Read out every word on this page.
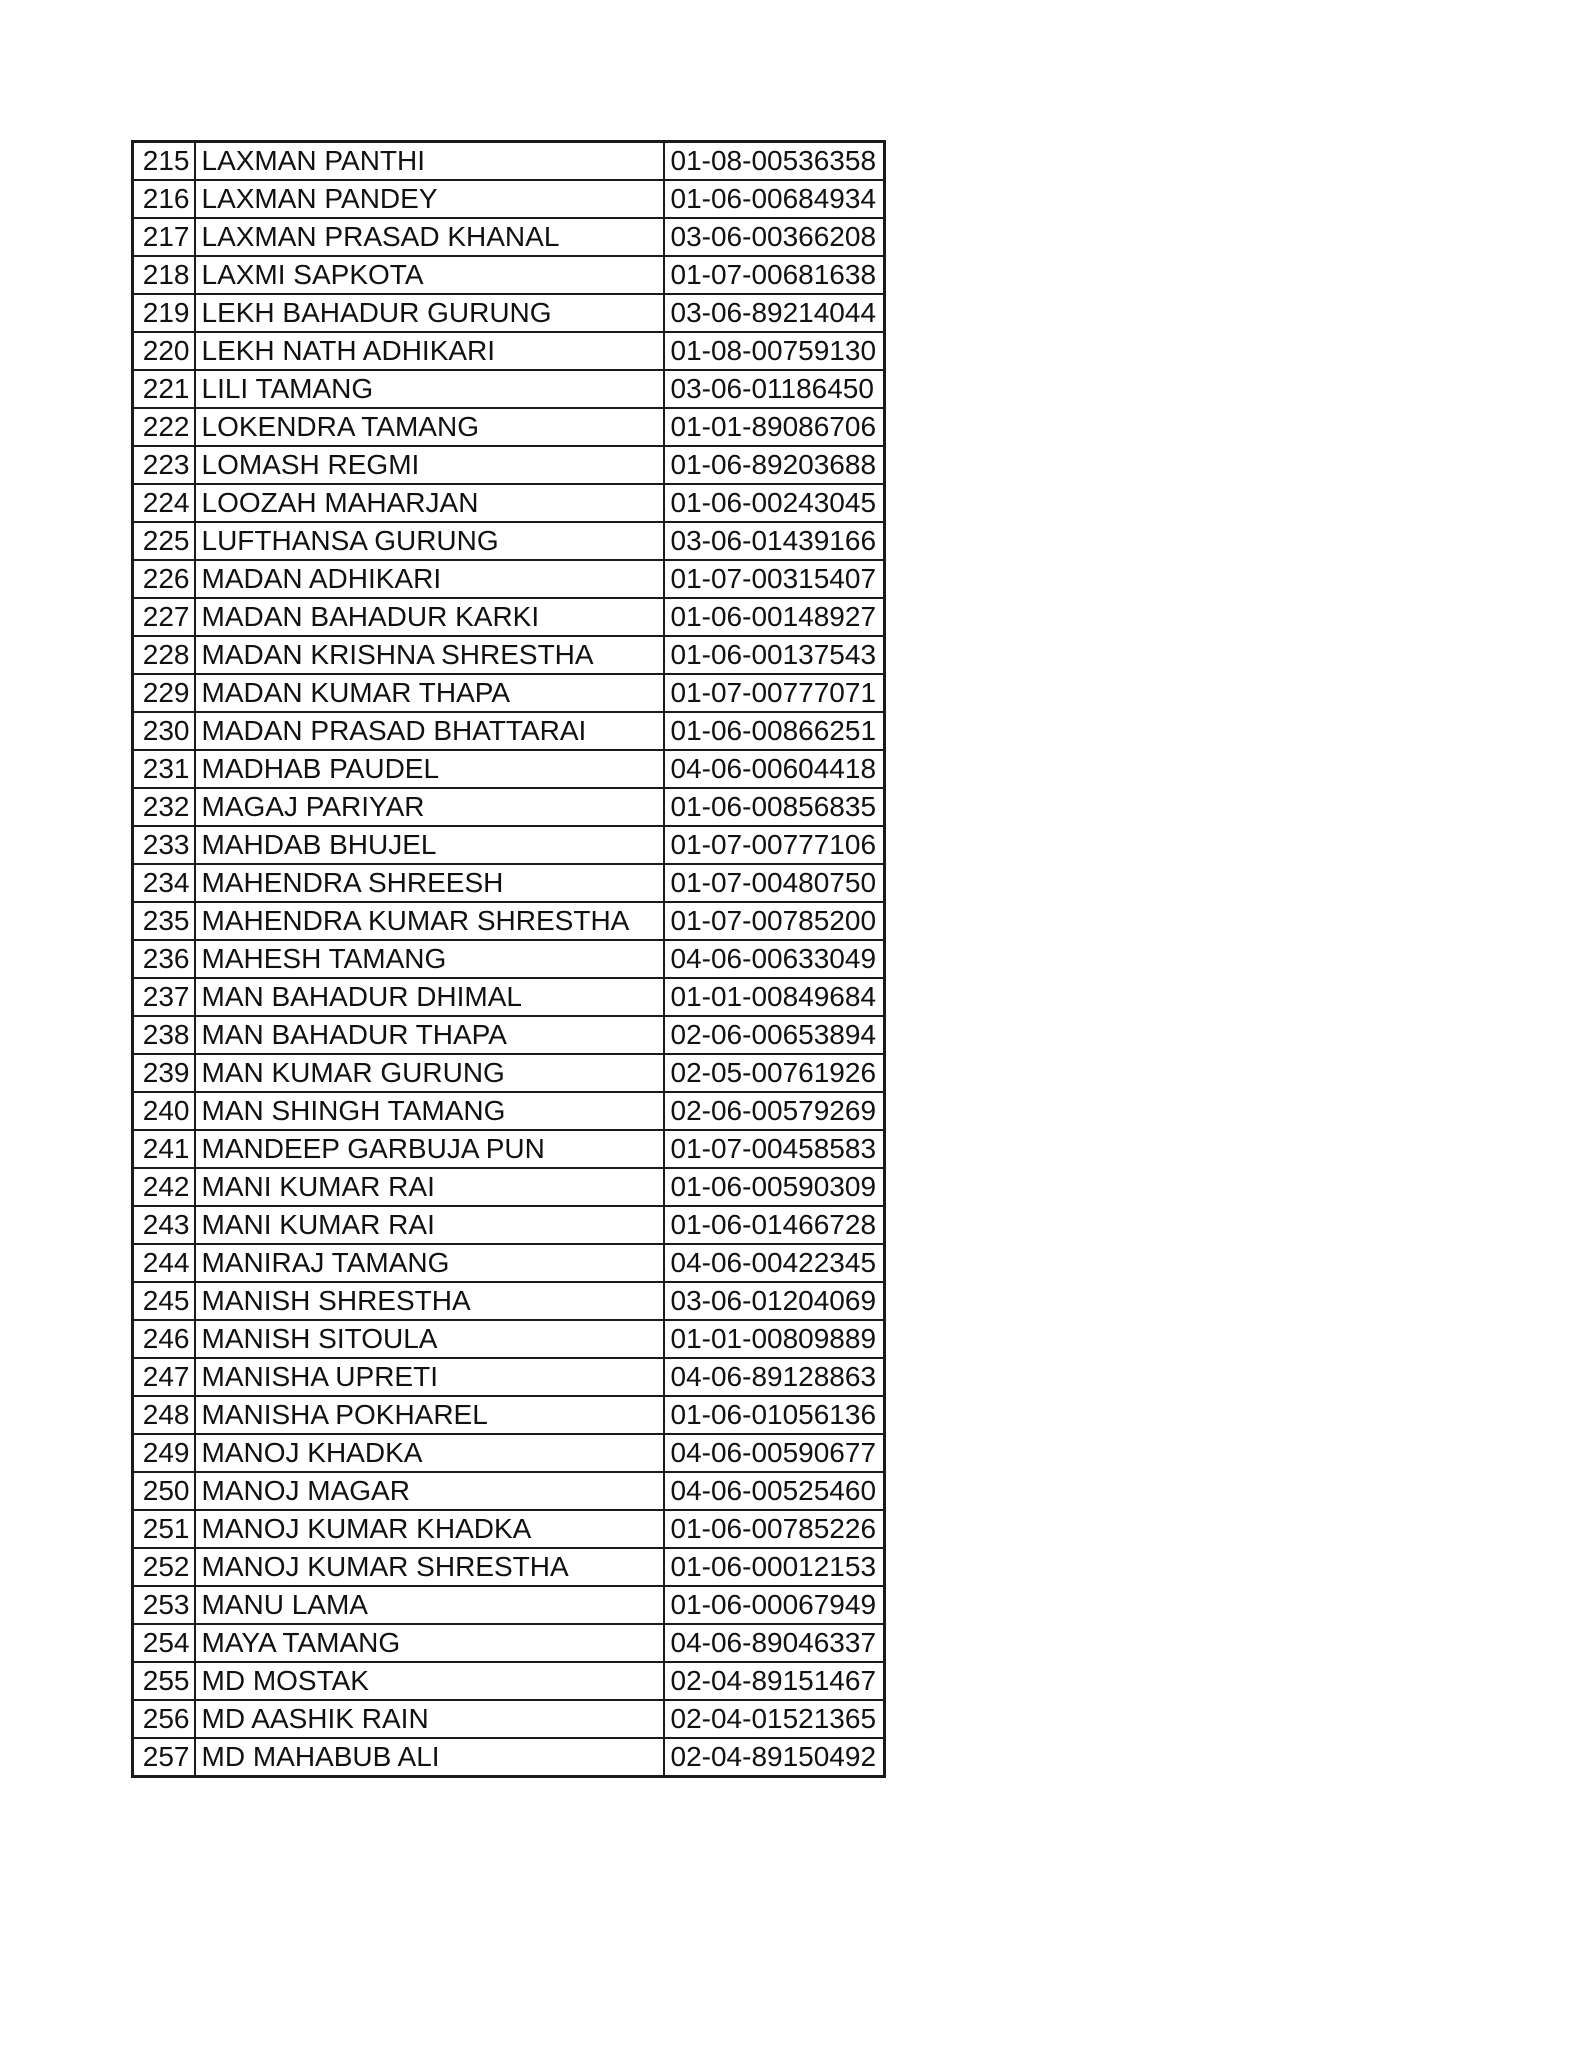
215	LAXMAN PANTHI	01-08-00536358
216	LAXMAN PANDEY	01-06-00684934
217	LAXMAN PRASAD KHANAL	03-06-00366208
218	LAXMI SAPKOTA	01-07-00681638
219	LEKH BAHADUR GURUNG	03-06-89214044
220	LEKH NATH ADHIKARI	01-08-00759130
221	LILI TAMANG	03-06-01186450
222	LOKENDRA TAMANG	01-01-89086706
223	LOMASH REGMI	01-06-89203688
224	LOOZAH MAHARJAN	01-06-00243045
225	LUFTHANSA GURUNG	03-06-01439166
226	MADAN ADHIKARI	01-07-00315407
227	MADAN BAHADUR KARKI	01-06-00148927
228	MADAN KRISHNA SHRESTHA	01-06-00137543
229	MADAN KUMAR THAPA	01-07-00777071
230	MADAN PRASAD BHATTARAI	01-06-00866251
231	MADHAB PAUDEL	04-06-00604418
232	MAGAJ PARIYAR	01-06-00856835
233	MAHDAB BHUJEL	01-07-00777106
234	MAHENDRA SHREESH	01-07-00480750
235	MAHENDRA KUMAR SHRESTHA	01-07-00785200
236	MAHESH TAMANG	04-06-00633049
237	MAN BAHADUR DHIMAL	01-01-00849684
238	MAN BAHADUR THAPA	02-06-00653894
239	MAN KUMAR GURUNG	02-05-00761926
240	MAN SHINGH TAMANG	02-06-00579269
241	MANDEEP GARBUJA PUN	01-07-00458583
242	MANI KUMAR RAI	01-06-00590309
243	MANI KUMAR RAI	01-06-01466728
244	MANIRAJ TAMANG	04-06-00422345
245	MANISH SHRESTHA	03-06-01204069
246	MANISH SITOULA	01-01-00809889
247	MANISHA UPRETI	04-06-89128863
248	MANISHA POKHAREL	01-06-01056136
249	MANOJ KHADKA	04-06-00590677
250	MANOJ MAGAR	04-06-00525460
251	MANOJ KUMAR KHADKA	01-06-00785226
252	MANOJ KUMAR SHRESTHA	01-06-00012153
253	MANU LAMA	01-06-00067949
254	MAYA TAMANG	04-06-89046337
255	MD MOSTAK	02-04-89151467
256	MD AASHIK RAIN	02-04-01521365
257	MD MAHABUB ALI	02-04-89150492
